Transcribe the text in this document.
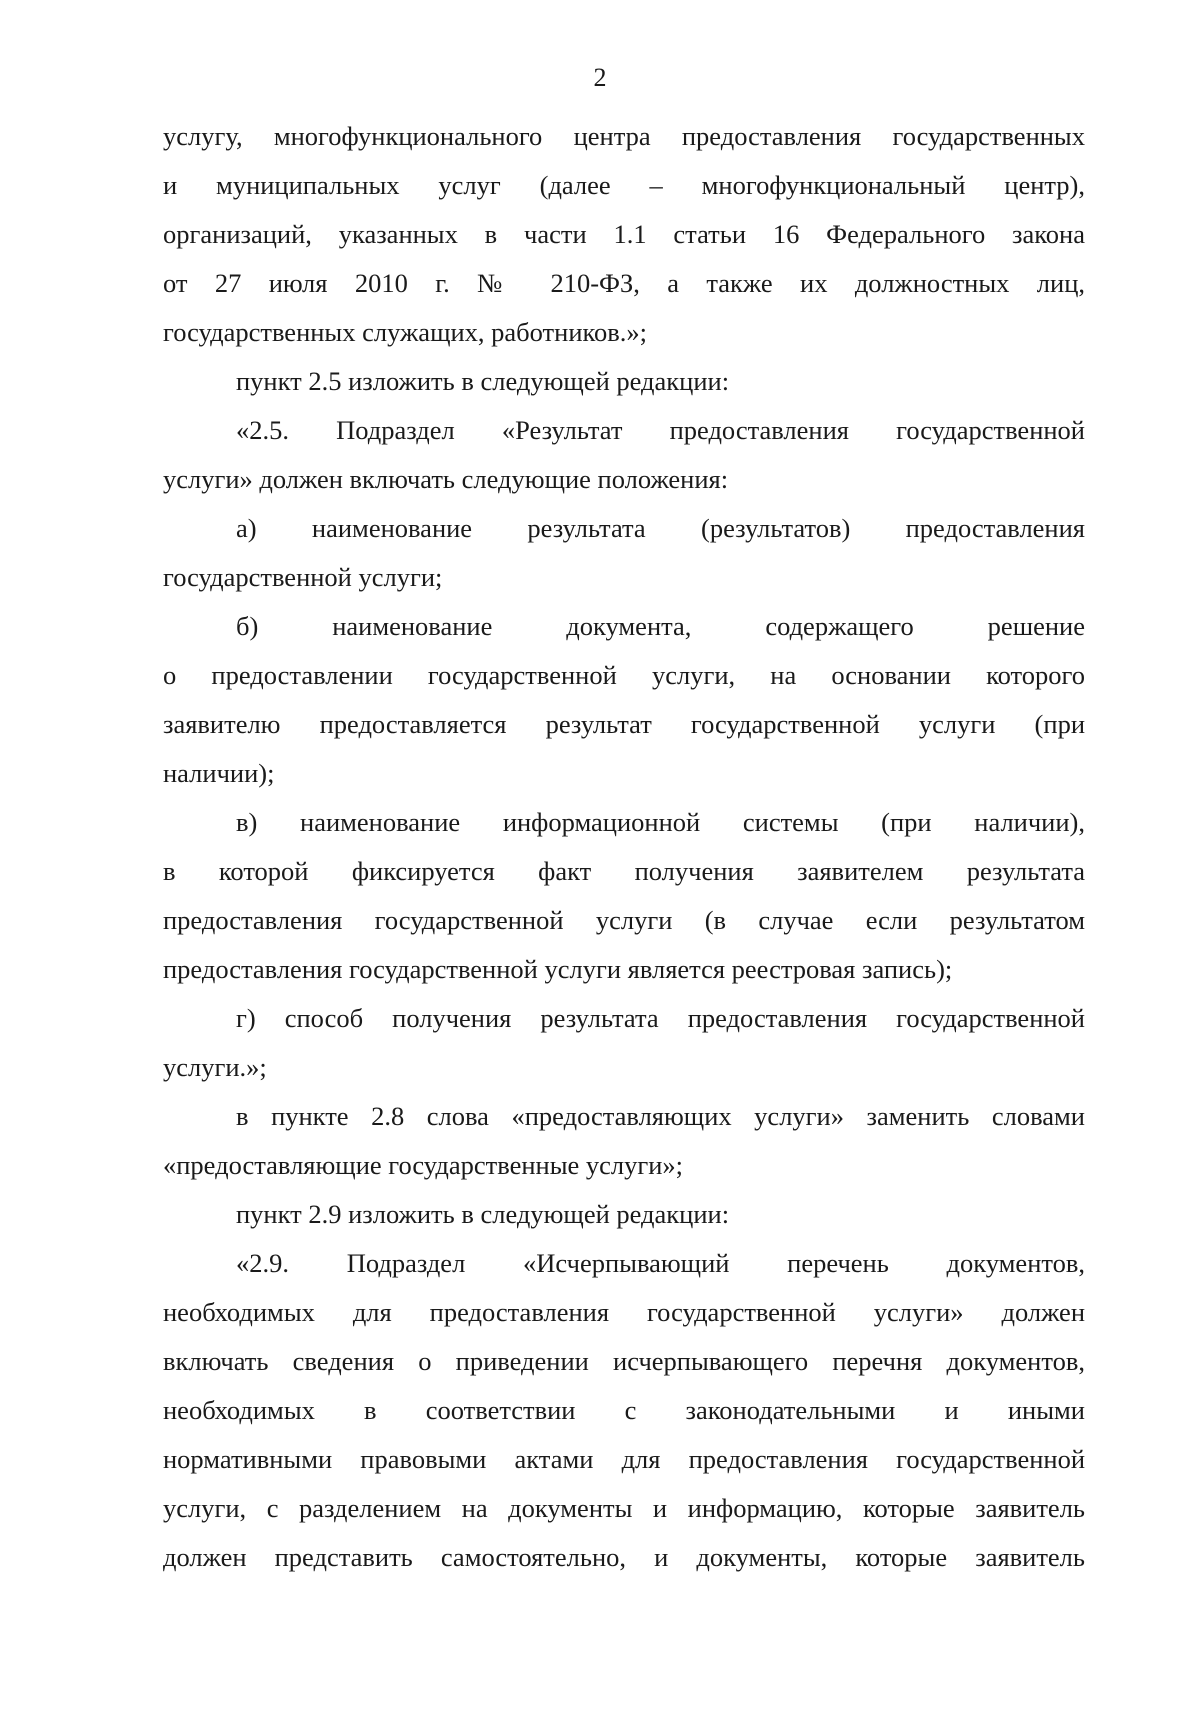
2
услугу, многофункционального центра предоставления государственных
и муниципальных услуг (далее – многофункциональный центр),
организаций, указанных в части 1.1 статьи 16 Федерального закона
от 27 июля 2010 г. № 210-ФЗ, а также их должностных лиц,
государственных служащих, работников.»;
пункт 2.5 изложить в следующей редакции:
«2.5. Подраздел «Результат предоставления государственной
услуги» должен включать следующие положения:
а) наименование результата (результатов) предоставления
государственной услуги;
б) наименование документа, содержащего решение
о предоставлении государственной услуги, на основании которого
заявителю предоставляется результат государственной услуги (при
наличии);
в) наименование информационной системы (при наличии),
в которой фиксируется факт получения заявителем результата
предоставления государственной услуги (в случае если результатом
предоставления государственной услуги является реестровая запись);
г) способ получения результата предоставления государственной
услуги.»;
в пункте 2.8 слова «предоставляющих услуги» заменить словами
«предоставляющие государственные услуги»;
пункт 2.9 изложить в следующей редакции:
«2.9. Подраздел «Исчерпывающий перечень документов,
необходимых для предоставления государственной услуги» должен
включать сведения о приведении исчерпывающего перечня документов,
необходимых в соответствии с законодательными и иными
нормативными правовыми актами для предоставления государственной
услуги, с разделением на документы и информацию, которые заявитель
должен представить самостоятельно, и документы, которые заявитель
